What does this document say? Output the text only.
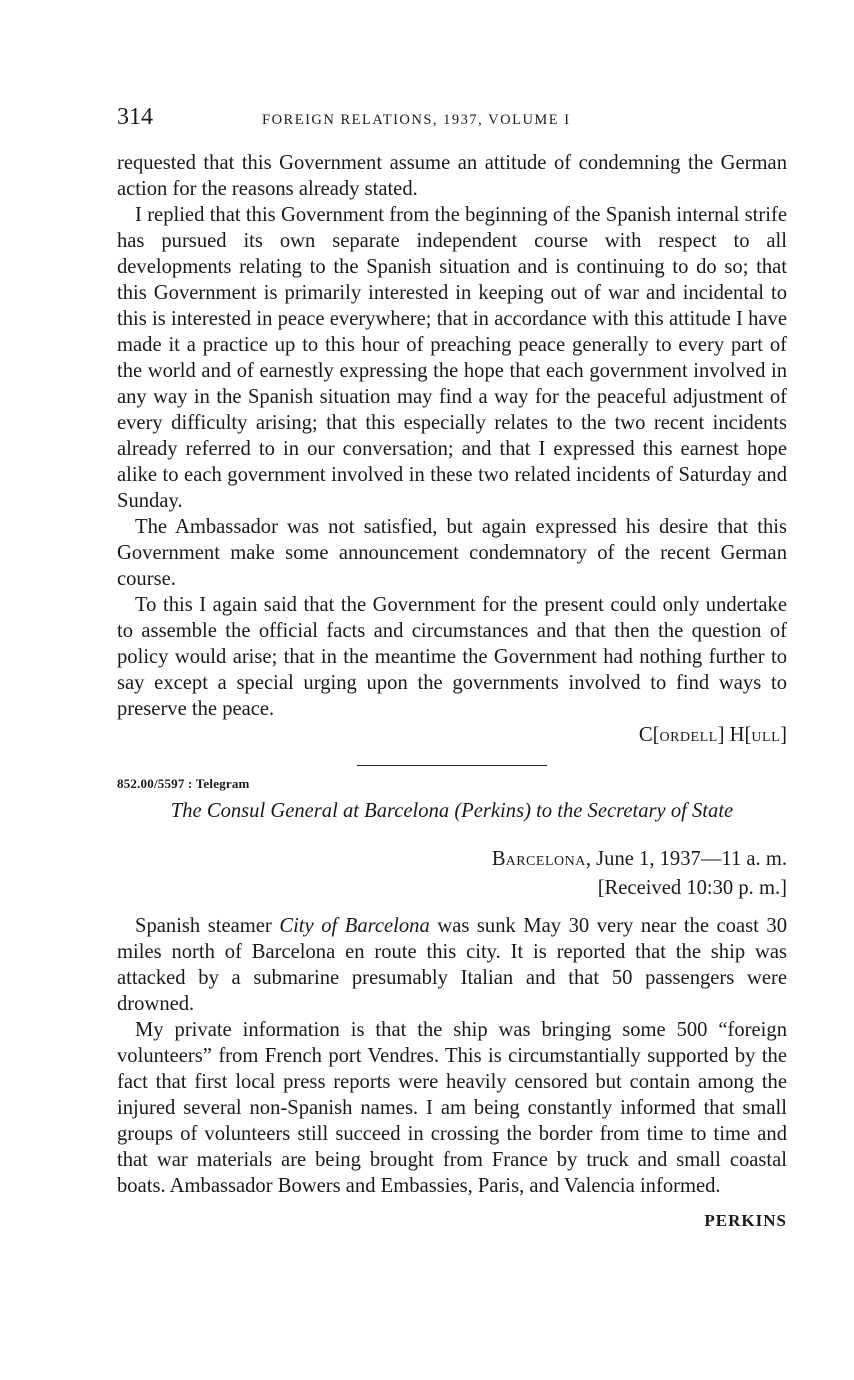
314	FOREIGN RELATIONS, 1937, VOLUME I

requested that this Government assume an attitude of condemning the German action for the reasons already stated.

I replied that this Government from the beginning of the Spanish internal strife has pursued its own separate independent course with respect to all developments relating to the Spanish situation and is continuing to do so; that this Government is primarily interested in keeping out of war and incidental to this is interested in peace everywhere; that in accordance with this attitude I have made it a practice up to this hour of preaching peace generally to every part of the world and of earnestly expressing the hope that each government involved in any way in the Spanish situation may find a way for the peaceful adjustment of every difficulty arising; that this especially relates to the two recent incidents already referred to in our conversation; and that I expressed this earnest hope alike to each government involved in these two related incidents of Saturday and Sunday.

The Ambassador was not satisfied, but again expressed his desire that this Government make some announcement condemnatory of the recent German course.

To this I again said that the Government for the present could only undertake to assemble the official facts and circumstances and that then the question of policy would arise; that in the meantime the Government had nothing further to say except a special urging upon the governments involved to find ways to preserve the peace.

C[ORDELL] H[ULL]
852.00/5597 : Telegram
The Consul General at Barcelona (Perkins) to the Secretary of State
BARCELONA, June 1, 1937—11 a. m.
[Received 10:30 p. m.]

Spanish steamer City of Barcelona was sunk May 30 very near the coast 30 miles north of Barcelona en route this city. It is reported that the ship was attacked by a submarine presumably Italian and that 50 passengers were drowned.

My private information is that the ship was bringing some 500 “foreign volunteers” from French port Vendres. This is circumstantially supported by the fact that first local press reports were heavily censored but contain among the injured several non-Spanish names. I am being constantly informed that small groups of volunteers still succeed in crossing the border from time to time and that war materials are being brought from France by truck and small coastal boats. Ambassador Bowers and Embassies, Paris, and Valencia informed.

PERKINS
